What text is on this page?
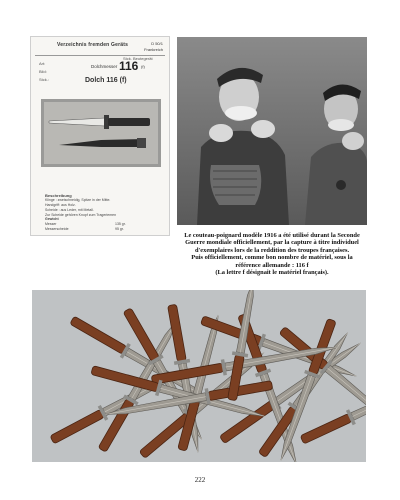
Verzeichnis fremden Geräts	D 50/1
Frankreich
Art:
Bild:
Stck.:
Stck. Beutegerät
Dolchmesser 116 (f)
Dolch 116 (f)
Beschreibung
Klinge : zweischneidig, Spitze in der Mitte.
Handgriff: aus Holz.
Scheide : aus Leder, mit Metall.
Zur Scheide gehören Knopf zum Trageriemen
Gewicht
Messer	135 gr.
Messerscheide	95 gr.
Le couteau-poignard modèle 1916 a été utilisé durant la Seconde
Guerre mondiale officiellement, par la capture à titre individuel
d'exemplaires lors de la reddition des troupes françaises.
Puis officiellement, comme bon nombre de matériel, sous la
référence allemande : 116 f
(La lettre f désignait le matériel français).
222
